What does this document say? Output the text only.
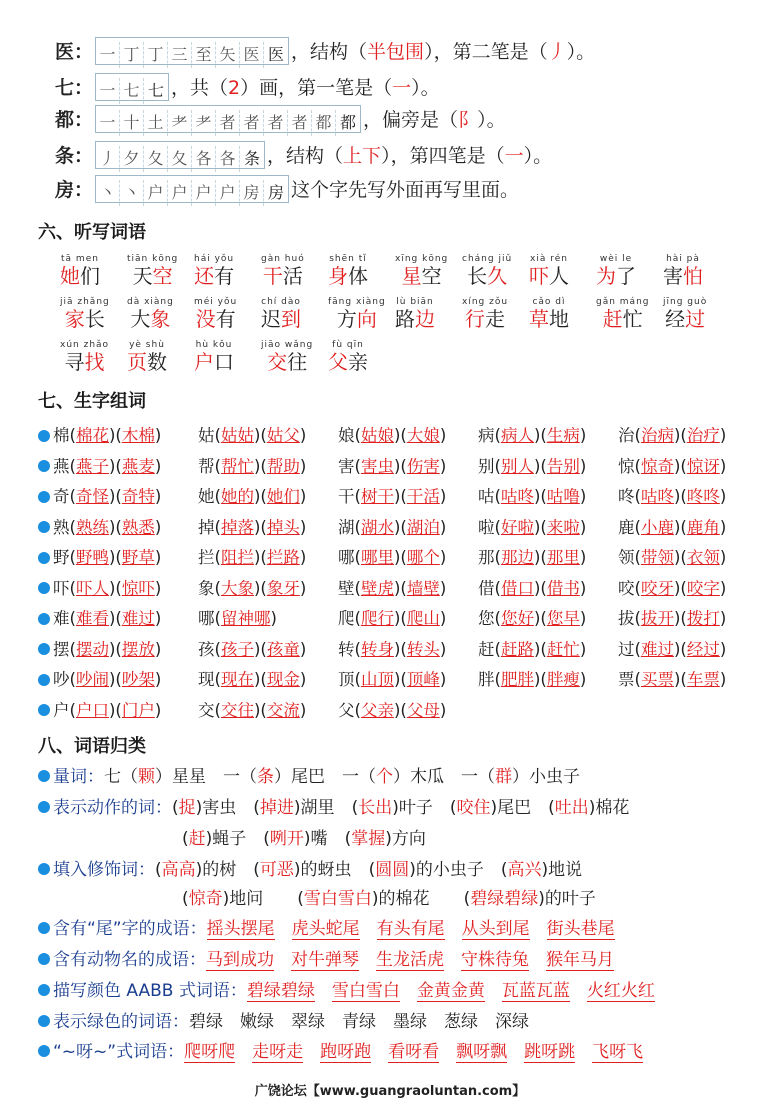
医： 一 丁 丁 三 至 矢 医 医 ，结构（半包围），第二笔是（丿）。
七： 一 七 七 ，共（2）画，第一笔是（一）。
都： 一 十 土 耂 耂 者 者 者 者 都 都 ，偏旁是（阝）。
条： 丿 夕 夂 夂 各 各 条 ，结构（上下），第四笔是（一）。
房： 丶 丶 户 户 户 户 房 房 这个字先写外面再写里面。
六、听写词语
tā men
她们
tiān kōng
天空
hái yǒu
还有
gàn huó
干活
shēn tǐ
身体
xīng kōng
星空
cháng jiǔ
长久
xià rén
吓人
wèi le
为了
hài pà
害怕
jiā zhǎng
家长
dà xiàng
大象
méi yǒu
没有
chí dào
迟到
fāng xiàng
方向
lù biān
路边
xíng zǒu
行走
cǎo dì
草地
gǎn máng
赶忙
jīng guò
经过
xún zhǎo
寻找
yè shù
页数
hù kǒu
户口
jiāo wǎng
交往
fù qīn
父亲
七、生字组词
棉(棉花)(木棉) 姑(姑姑)(姑父) 娘(姑娘)(大娘) 病(病人)(生病) 治(治病)(治疗)
燕(燕子)(燕麦) 帮(帮忙)(帮助) 害(害虫)(伤害) 别(别人)(告别) 惊(惊奇)(惊讶)
奇(奇怪)(奇特) 她(她的)(她们) 干(树干)(干活) 咕(咕咚)(咕噜) 咚(咕咚)(咚咚)
熟(熟练)(熟悉) 掉(掉落)(掉头) 湖(湖水)(湖泊) 啦(好啦)(来啦) 鹿(小鹿)(鹿角)
野(野鸭)(野草) 拦(阻拦)(拦路) 哪(哪里)(哪个) 那(那边)(那里) 领(带领)(衣领)
吓(吓人)(惊吓) 象(大象)(象牙) 壁(壁虎)(墙壁) 借(借口)(借书) 咬(咬牙)(咬字)
难(难看)(难过) 哪(留神哪)	爬(爬行)(爬山) 您(您好)(您早) 拔(拔开)(拨打)
摆(摆动)(摆放) 孩(孩子)(孩童) 转(转身)(转头) 赶(赶路)(赶忙) 过(难过)(经过)
吵(吵闹)(吵架) 现(现在)(现金) 顶(山顶)(顶峰) 胖(肥胖)(胖瘦) 票(买票)(车票)
户(户口)(门户) 交(交往)(交流) 父(父亲)(父母)
八、词语归类
量词：七（颗）星星　一（条）尾巴　一（个）木瓜　一（群）小虫子　
表示动作的词：(捉)害虫　(掉进)湖里　(长出)叶子　(咬住)尾巴　(吐出)棉花　
(赶)蝇子　(咧开)嘴　(掌握)方向　
填入修饰词：(高高)的树　(可恶)的蚜虫　(圆圆)的小虫子　(高兴)地说　
(惊奇)地问　　(雪白雪白)的棉花　　(碧绿碧绿)的叶子　　
含有“尾”字的成语：摇头摆尾　 虎头蛇尾　 有头有尾　 从头到尾　 街头巷尾　
含有动物名的成语：马到成功　 对牛弹琴　 生龙活虎　 守株待兔　 猴年马月　
描写颜色 AABB 式词语：碧绿碧绿　 雪白雪白　 金黄金黄　 瓦蓝瓦蓝　 火红火红　
表示绿色的词语：碧绿　 嫩绿　 翠绿　 青绿　 墨绿　 葱绿　 深绿　
“~呀~”式词语：爬呀爬　 走呀走　 跑呀跑　 看呀看　 飘呀飘　 跳呀跳　 飞呀飞　
广饶论坛【www.guangraoluntan.com】
